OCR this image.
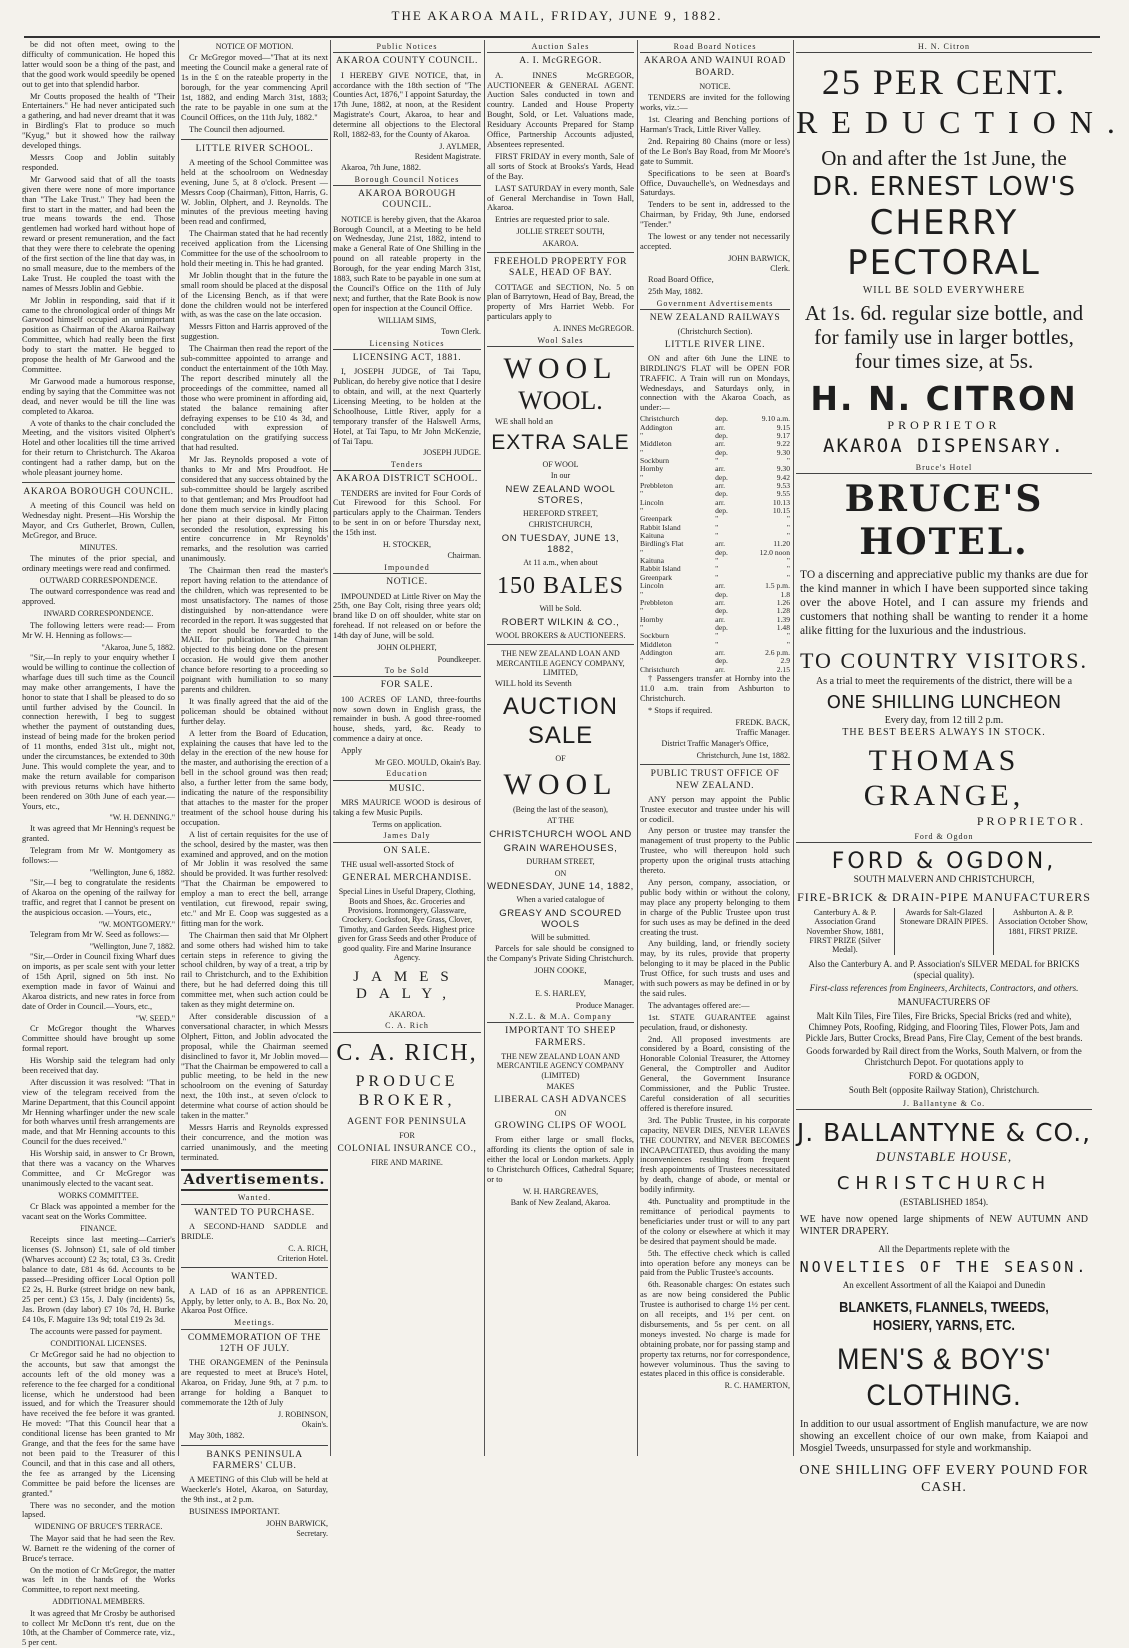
THE AKAROA MAIL, FRIDAY, JUNE 9, 1882.

be did not often meet, owing to the difficulty of communication. He hoped this latter would soon be a thing of the past, and that the good work would speedily be opened out to get into that splendid harbor.

Mr Coutts proposed the health of "Their Entertainers." He had never anticipated such a gathering, and had never dreamt that it was in Birdling's Flat to produce so much "Kyug," but it showed how the railway developed things.

Messrs Coop and Joblin suitably responded.

Mr Garwood said that of all the toasts given there were none of more importance than "The Lake Trust." They had been the first to start in the matter, and had been the true means towards the end. Those gentlemen had worked hard without hope of reward or present remuneration, and the fact that they were there to celebrate the opening of the first section of the line that day was, in no small measure, due to the members of the Lake Trust. He coupled the toast with the names of Messrs Joblin and Gebbie.

Mr Joblin in responding, said that if it came to the chronological order of things Mr Garwood himself occupied an unimportant position as Chairman of the Akaroa Railway Committee, which had really been the first body to start the matter. He begged to propose the health of Mr Garwood and the Committee.

Mr Garwood made a humorous response, ending by saying that the Committee was not dead, and never would be till the line was completed to Akaroa.

A vote of thanks to the chair concluded the Meeting, and the visitors visited Olphert's Hotel and other localities till the time arrived for their return to Christchurch. The Akaroa contingent had a rather damp, but on the whole pleasant journey home.

AKAROA BOROUGH COUNCIL.

A meeting of this Council was held on Wednesday night. Present—His Worship the Mayor, and Crs Gutherlet, Brown, Cullen, McGregor, and Bruce.

MINUTES.

The minutes of the prior special, and ordinary meetings were read and confirmed.

OUTWARD CORRESPONDENCE.

The outward correspondence was read and approved.

INWARD CORRESPONDENCE.

The following letters were read:— From Mr W. H. Henning as follows:—

"Akaroa, June 5, 1882.

"Sir,—In reply to your enquiry whether I would be willing to continue the collection of wharfage dues till such time as the Council may make other arrangements, I have the honor to state that I shall be pleased to do so until further advised by the Council. In connection herewith, I beg to suggest whether the payment of outstanding dues, instead of being made for the broken period of 11 months, ended 31st ult., might not, under the circumstances, be extended to 30th June. This would complete the year, and to make the return available for comparison with previous returns which have hitherto been rendered on 30th June of each year.—Yours, etc.,

"W. H. DENNING."

It was agreed that Mr Henning's request be granted.

Telegram from Mr W. Montgomery as follows:—

"Wellington, June 6, 1882.

"Sir,—I beg to congratulate the residents of Akaroa on the opening of the railway for traffic, and regret that I cannot be present on the auspicious occasion. —Yours, etc.,

"W. MONTGOMERY."

Telegram from Mr W. Seed as follows:—

"Wellington, June 7, 1882.

"Sir,—Order in Council fixing Wharf dues on imports, as per scale sent with your letter of 15th April, signed on 5th inst. No exemption made in favor of Wainui and Akaroa districts, and new rates in force from date of Order in Council.—Yours, etc.,

"W. SEED."

Cr McGregor thought the Wharves Committee should have brought up some formal report.

His Worship said the telegram had only been received that day.

After discussion it was resolved: "That in view of the telegram received from the Marine Department, that this Council appoint Mr Henning wharfinger under the new scale for both wharves until fresh arrangements are made, and that Mr Henning accounts to this Council for the dues received."

His Worship said, in answer to Cr Brown, that there was a vacancy on the Wharves Committee, and Cr McGregor was unanimously elected to the vacant seat.

WORKS COMMITTEE.

Cr Black was appointed a member for the vacant seat on the Works Committee.

FINANCE.

Receipts since last meeting—Carrier's licenses (S. Johnson) £1, sale of old timber (Wharves account) £2 3s; total, £3 3s. Credit balance to date, £81 4s 6d. Accounts to be passed—Presiding officer Local Option poll £2 2s, H. Burke (street bridge on new bank, 25 per cent.) £3 15s, J. Daly (incidents) 5s, Jas. Brown (day labor) £7 10s 7d, H. Burke £4 10s, F. Maguire 13s 9d; total £19 2s 3d.

The accounts were passed for payment.

CONDITIONAL LICENSES.

Cr McGregor said he had no objection to the accounts, but saw that amongst the accounts left of the old money was a reference to the fee charged for a conditional license, which he understood had been issued, and for which the Treasurer should have received the fee before it was granted. He moved: "That this Council hear that a conditional license has been granted to Mr Grange, and that the fees for the same have not been paid to the Treasurer of this Council, and that in this case and all others, the fee as arranged by the Licensing Committee be paid before the licenses are granted."

There was no seconder, and the motion lapsed.

WIDENING OF BRUCE'S TERRACE.

The Mayor said that he had seen the Rev. W. Barnett re the widening of the corner of Bruce's terrace.

On the motion of Cr McGregor, the matter was left in the hands of the Works Committee, to report next meeting.

ADDITIONAL MEMBERS.

It was agreed that Mr Crosby be authorised to collect Mr McDonn tt's rent, due on the 10th, at the Chamber of Commerce rate, viz., 5 per cent.

NOTICE OF MOTION.

Cr McGregor moved—"That at its next meeting the Council make a general rate of 1s in the £ on the rateable property in the borough, for the year commencing April 1st, 1882, and ending March 31st, 1883; the rate to be payable in one sum at the Council Offices, on the 11th July, 1882."

The Council then adjourned.

LITTLE RIVER SCHOOL.

A meeting of the School Committee was held at the schoolroom on Wednesday evening, June 5, at 8 o'clock. Present —Messrs Coop (Chairman), Fitton, Harris, G. W. Joblin, Olphert, and J. Reynolds. The minutes of the previous meeting having been read and confirmed,

The Chairman stated that he had recently received application from the Licensing Committee for the use of the schoolroom to hold their meeting in. This he had granted.

Mr Joblin thought that in the future the small room should be placed at the disposal of the Licensing Bench, as if that were done the children would not be interfered with, as was the case on the late occasion.

Messrs Fitton and Harris approved of the suggestion.

The Chairman then read the report of the sub-committee appointed to arrange and conduct the entertainment of the 10th May. The report described minutely all the proceedings of the committee, named all those who were prominent in affording aid, stated the balance remaining after defraying expenses to be £10 4s 3d, and concluded with expression of congratulation on the gratifying success that had resulted.

Mr Jas. Reynolds proposed a vote of thanks to Mr and Mrs Proudfoot. He considered that any success obtained by the sub-committee should be largely ascribed to that gentleman; and Mrs Proudfoot had done them much service in kindly placing her piano at their disposal. Mr Fitton seconded the resolution, expressing his entire concurrence in Mr Reynolds' remarks, and the resolution was carried unanimously.

The Chairman then read the master's report having relation to the attendance of the children, which was represented to be most unsatisfactory. The names of those distinguished by non-attendance were recorded in the report. It was suggested that the report should be forwarded to the MAIL for publication. The Chairman objected to this being done on the present occasion. He would give them another chance before resorting to a proceeding so poignant with humiliation to so many parents and children.

It was finally agreed that the aid of the policeman should be obtained without further delay.

A letter from the Board of Education, explaining the causes that have led to the delay in the erection of the new house for the master, and authorising the erection of a bell in the school ground was then read; also, a further letter from the same body, indicating the nature of the responsibility that attaches to the master for the proper treatment of the school house during his occupation.

A list of certain requisites for the use of the school, desired by the master, was then examined and approved, and on the motion of Mr Joblin it was resolved the same should be provided. It was further resolved: "That the Chairman be empowered to employ a man to erect the bell, arrange ventilation, cut firewood, repair swing, etc." and Mr E. Coop was suggested as a fitting man for the work.

The Chairman then said that Mr Olphert and some others had wished him to take certain steps in reference to giving the school children, by way of a treat, a trip by rail to Christchurch, and to the Exhibition there, but he had deferred doing this till committee met, when such action could be taken as they might determine on.

After considerable discussion of a conversational character, in which Messrs Olphert, Fitton, and Joblin advocated the proposal, while the Chairman seemed disinclined to favor it, Mr Joblin moved— "That the Chairman be empowered to call a public meeting, to be held in the new schoolroom on the evening of Saturday next, the 10th inst., at seven o'clock to determine what course of action should be taken in the matter."

Messrs Harris and Reynolds expressed their concurrence, and the motion was carried unanimously, and the meeting terminated.

Advertisements.
Wanted.
WANTED TO PURCHASE.

A SECOND-HAND SADDLE and BRIDLE.

C. A. RICH,
Criterion Hotel.
WANTED.

A LAD of 16 as an APPRENTICE. Apply, by letter only, to A. B., Box No. 20, Akaroa Post Office.

Meetings.
COMMEMORATION OF THE 12TH OF JULY.

THE ORANGEMEN of the Peninsula are requested to meet at Bruce's Hotel, Akaroa, on Friday, June 9th, at 7 p.m. to arrange for holding a Banquet to commemorate the 12th of July

J. ROBINSON,
Okain's.

May 30th, 1882.

BANKS PENINSULA FARMERS' CLUB.

A MEETING of this Club will be held at Waeckerle's Hotel, Akaroa, on Saturday, the 9th inst., at 2 p.m.

BUSINESS IMPORTANT.

JOHN BARWICK,
Secretary.
Public Notices
AKAROA COUNTY COUNCIL.

I HEREBY GIVE NOTICE, that, in accordance with the 18th section of "The Counties Act, 1876," I appoint Saturday, the 17th June, 1882, at noon, at the Resident Magistrate's Court, Akaroa, to hear and determine all objections to the Electoral Roll, 1882-83, for the County of Akaroa.

J. AYLMER,
Resident Magistrate.

Akaroa, 7th June, 1882.

Borough Council Notices
AKAROA BOROUGH COUNCIL.

NOTICE is hereby given, that the Akaroa Borough Council, at a Meeting to be held on Wednesday, June 21st, 1882, intend to make a General Rate of One Shilling in the pound on all rateable property in the Borough, for the year ending March 31st, 1883, such Rate to be payable in one sum at the Council's Office on the 11th of July next; and further, that the Rate Book is now open for inspection at the Council Office.

WILLIAM SIMS,
Town Clerk.
Licensing Notices
LICENSING ACT, 1881.

I, JOSEPH JUDGE, of Tai Tapu, Publican, do hereby give notice that I desire to obtain, and will, at the next Quarterly Licensing Meeting, to be holden at the Schoolhouse, Little River, apply for a temporary transfer of the Halswell Arms, Hotel, at Tai Tapu, to Mr John McKenzie, of Tai Tapu.

JOSEPH JUDGE.
Tenders
AKAROA DISTRICT SCHOOL.

TENDERS are invited for Four Cords of Cut Firewood for this School. For particulars apply to the Chairman. Tenders to be sent in on or before Thursday next, the 15th inst.

H. STOCKER,
Chairman.
Impounded
NOTICE.

IMPOUNDED at Little River on May the 25th, one Bay Colt, rising three years old; brand like D on off shoulder, white star on forehead. If not released on or before the 14th day of June, will be sold.

JOHN OLPHERT,
Poundkeeper.
To be Sold
FOR SALE.

100 ACRES OF LAND, three-fourths now sown down in English grass, the remainder in bush. A good three-roomed house, sheds, yard, &c. Ready to commence a dairy at once.

Apply

Mr GEO. MOULD, Okain's Bay.
Education
MUSIC.

MRS MAURICE WOOD is desirous of taking a few Music Pupils.

Terms on application.
James Daly
ON SALE.

THE usual well-assorted Stock of

GENERAL MERCHANDISE.
Special Lines in Useful Drapery, Clothing, Boots and Shoes, &c. Groceries and Provisions. Ironmongery, Glassware, Crockery. Cocksfoot, Rye Grass, Clover, Timothy, and Garden Seeds. Highest price given for Grass Seeds and other Produce of good quality. Fire and Marine Insurance Agency.
JAMES DALY,
AKAROA.
C. A. Rich
C. A. RICH,
PRODUCE BROKER,
AGENT FOR PENINSULA
FOR
COLONIAL INSURANCE CO.,
FIRE AND MARINE.
Auction Sales
A. I. McGREGOR.

A. INNES McGREGOR, AUCTIONEER & GENERAL AGENT. Auction Sales conducted in town and country. Landed and House Property Bought, Sold, or Let. Valuations made, Residuary Accounts Prepared for Stamp Office, Partnership Accounts adjusted, Absentees represented.

FIRST FRIDAY in every month, Sale of all sorts of Stock at Brooks's Yards, Head of the Bay.

LAST SATURDAY in every month, Sale of General Merchandise in Town Hall, Akaroa.

Entries are requested prior to sale.

JOLLIE STREET SOUTH,
AKAROA.
FREEHOLD PROPERTY FOR SALE, HEAD OF BAY.

COTTAGE and SECTION, No. 5 on plan of Barrytown, Head of Bay, Bread, the property of Mrs Harriet Webb. For particulars apply to

A. INNES McGREGOR.
Wool Sales
WOOL
WOOL.

WE shall hold an

EXTRA SALE
OF WOOL
In our
NEW ZEALAND WOOL STORES,
HEREFORD STREET,
CHRISTCHURCH,
ON TUESDAY, JUNE 13, 1882,
At 11 a.m., when about
150 BALES
Will be Sold.
ROBERT WILKIN & CO.,
WOOL BROKERS & AUCTIONEERS.
THE NEW ZEALAND LOAN AND MERCANTILE AGENCY COMPANY, LIMITED,

WILL hold its Seventh

AUCTION SALE
OF
WOOL
(Being the last of the season),
AT THE
CHRISTCHURCH WOOL AND
GRAIN WAREHOUSES,
DURHAM STREET,
ON
WEDNESDAY, JUNE 14, 1882,
When a varied catalogue of
GREASY AND SCOURED WOOLS
Will be submitted.

Parcels for sale should be consigned to the Company's Private Siding Christchurch.

JOHN COOKE,
Manager,
E. S. HARLEY,
Produce Manager.
N.Z.L. & M.A. Company
IMPORTANT TO SHEEP FARMERS.
THE NEW ZEALAND LOAN AND MERCANTILE AGENCY COMPANY (LIMITED)
MAKES
LIBERAL CASH ADVANCES
ON
GROWING CLIPS OF WOOL

From either large or small flocks, affording its clients the option of sale in either the local or London markets. Apply to Christchurch Offices, Cathedral Square; or to

W. H. HARGREAVES,
Bank of New Zealand, Akaroa.
Road Board Notices
AKAROA AND WAINUI ROAD BOARD.
NOTICE.

TENDERS are invited for the following works, viz.:—

1st. Clearing and Benching portions of Harman's Track, Little River Valley.

2nd. Repairing 80 Chains (more or less) of the Le Bon's Bay Road, from Mr Moore's gate to Summit.

Specifications to be seen at Board's Office, Duvauchelle's, on Wednesdays and Saturdays.

Tenders to be sent in, addressed to the Chairman, by Friday, 9th June, endorsed "Tender."

The lowest or any tender not necessarily accepted.

JOHN BARWICK,
Clerk.

Road Board Office,

25th May, 1882.

Government Advertisements
NEW ZEALAND RAILWAYS
(Christchurch Section).
LITTLE RIVER LINE.

ON and after 6th June the LINE to BIRDLING'S FLAT will be OPEN FOR TRAFFIC. A Train will run on Mondays, Wednesdays, and Saturdays only, in connection with the Akaroa Coach, as under:—

Christchurch	dep.	9.10 a.m.
Addington	arr.	9.15
"	dep.	9.17
Middleton	arr.	9.22
"	dep.	9.30
Sockburn	"	"
Hornby	arr.	9.30
"	dep.	9.42
Prebbleton	arr.	9.53
"	dep.	9.55
Lincoln	arr.	10.13
"	dep.	10.15
Greenpark	"	"
Rabbit Island	"	"
Kaituna	"	"
Birdling's Flat	arr.	11.20
"	dep.	12.0 noon
Kaituna	"	"
Rabbit Island	"	"
Greenpark	"	"
Lincoln	arr.	1.5 p.m.
"	dep.	1.8
Prebbleton	arr.	1.26
"	dep.	1.28
Hornby	arr.	1.39
"	dep.	1.48
Sockburn	"	"
Middleton	"	"
Addington	arr.	2.6 p.m.
"	dep.	2.9
Christchurch	arr.	2.15

† Passengers transfer at Hornby into the 11.0 a.m. train from Ashburton to Christchurch.

* Stops if required.

FREDK. BACK,
Traffic Manager.
District Traffic Manager's Office,
Christchurch, June 1st, 1882.
PUBLIC TRUST OFFICE OF NEW ZEALAND.

ANY person may appoint the Public Trustee executor and trustee under his will or codicil.

Any person or trustee may transfer the management of trust property to the Public Trustee, who will thereupon hold such property upon the original trusts attaching thereto.

Any person, company, association, or public body within or without the colony, may place any property belonging to them in charge of the Public Trustee upon trust for such uses as may be defined in the deed creating the trust.

Any building, land, or friendly society may, by its rules, provide that property belonging to it may be placed in the Public Trust Office, for such trusts and uses and with such powers as may be defined in or by the said rules.

The advantages offered are:—

1st. STATE GUARANTEE against peculation, fraud, or dishonesty.

2nd. All proposed investments are considered by a Board, consisting of the Honorable Colonial Treasurer, the Attorney General, the Comptroller and Auditor General, the Government Insurance Commissioner, and the Public Trustee. Careful consideration of all securities offered is therefore insured.

3rd. The Public Trustee, in his corporate capacity, NEVER DIES, NEVER LEAVES THE COUNTRY, and NEVER BECOMES INCAPACITATED, thus avoiding the many inconveniences resulting from frequent fresh appointments of Trustees necessitated by death, change of abode, or mental or bodily infirmity.

4th. Punctuality and promptitude in the remittance of periodical payments to beneficiaries under trust or will to any part of the colony or elsewhere at which it may be desired that payment should be made.

5th. The effective check which is called into operation before any moneys can be paid from the Public Trustee's accounts.

6th. Reasonable charges: On estates such as are now being considered the Public Trustee is authorised to charge 1½ per cent. on all receipts, and 1½ per cent. on disbursements, and 5s per cent. on all moneys invested. No charge is made for obtaining probate, nor for passing stamp and property tax returns, nor for correspondence, however voluminous. Thus the saving to estates placed in this office is considerable.

R. C. HAMERTON,
H. N. Citron
25 PER CENT.
REDUCTION.
On and after the 1st June, the
DR. ERNEST LOW'S
CHERRY PECTORAL
WILL BE SOLD EVERYWHERE
At 1s. 6d. regular size bottle, and for family use in larger bottles, four times size, at 5s.
H. N. CITRON
PROPRIETOR
AKAROA DISPENSARY.
Bruce's Hotel
BRUCE'S HOTEL.
TO a discerning and appreciative public my thanks are due for the kind manner in which I have been supported since taking over the above Hotel, and I can assure my friends and customers that nothing shall be wanting to render it a home alike fitting for the luxurious and the industrious.
TO COUNTRY VISITORS.
As a trial to meet the requirements of the district, there will be a
ONE SHILLING LUNCHEON
Every day, from 12 till 2 p.m.
THE BEST BEERS ALWAYS IN STOCK.
THOMAS GRANGE,
PROPRIETOR.
Ford & Ogdon
FORD & OGDON,
SOUTH MALVERN AND CHRISTCHURCH,
FIRE-BRICK & DRAIN-PIPE MANUFACTURERS
Canterbury A. & P. Association Grand November Show, 1881, FIRST PRIZE (Silver Medal).
Awards for Salt-Glazed Stoneware DRAIN PIPES.
Ashburton A. & P. Association October Show, 1881, FIRST PRIZE.
Also the Canterbury A. and P. Association's SILVER MEDAL for BRICKS (special quality).
First-class references from Engineers, Architects, Contractors, and others.
MANUFACTURERS OF
Malt Kiln Tiles, Fire Tiles, Fire Bricks, Special Bricks (red and white), Chimney Pots, Roofing, Ridging, and Flooring Tiles, Flower Pots, Jam and Pickle Jars, Butter Crocks, Bread Pans, Fire Clay, Cement of the best brands.
Goods forwarded by Rail direct from the Works, South Malvern, or from the Christchurch Depot. For quotations apply to
FORD & OGDON,
South Belt (opposite Railway Station), Christchurch.
J. Ballantyne & Co.
J. BALLANTYNE & CO.,
DUNSTABLE HOUSE,
CHRISTCHURCH
(ESTABLISHED 1854).
WE have now opened large shipments of NEW AUTUMN AND WINTER DRAPERY.
All the Departments replete with the
NOVELTIES OF THE SEASON.
An excellent Assortment of all the Kaiapoi and Dunedin
BLANKETS, FLANNELS, TWEEDS, HOSIERY, YARNS, ETC.
MEN'S & BOY'S' CLOTHING.
In addition to our usual assortment of English manufacture, we are now showing an excellent choice of our own make, from Kaiapoi and Mosgiel Tweeds, unsurpassed for style and workmanship.
ONE SHILLING OFF EVERY POUND FOR CASH.
